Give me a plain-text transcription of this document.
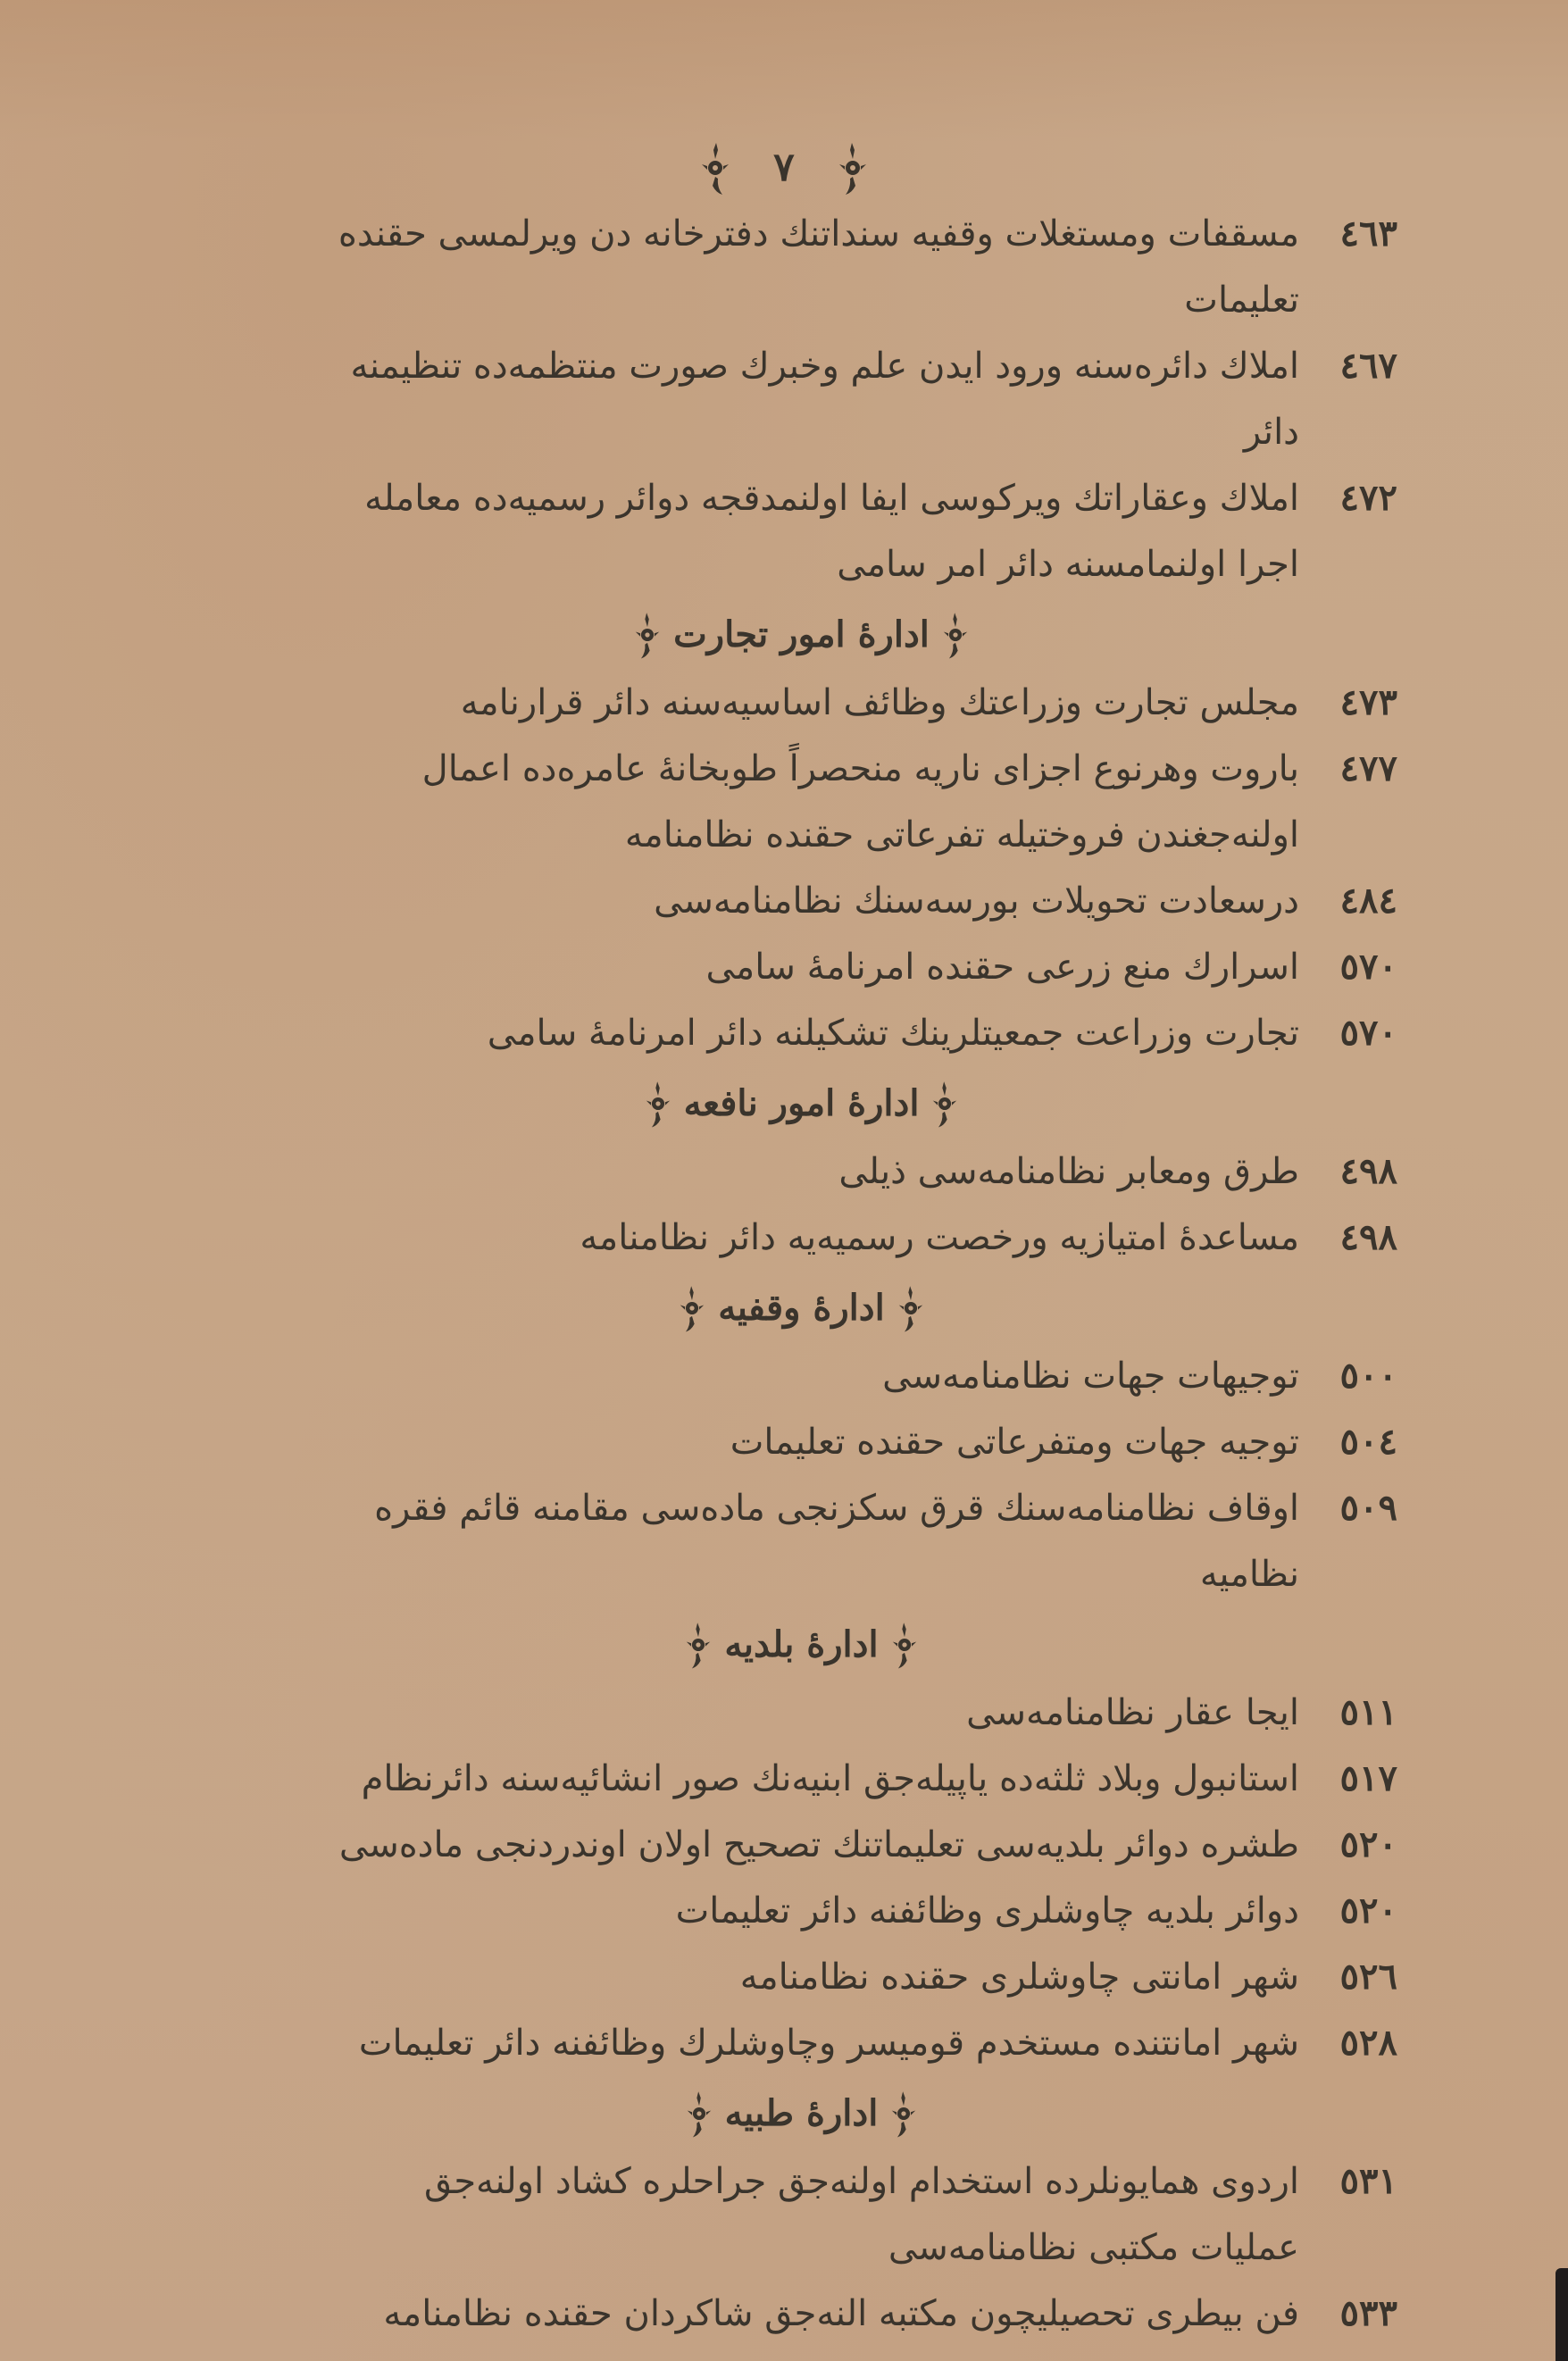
٧
٤٦٣
مسقفات ومستغلات وقفیه سنداتنك دفترخانه دن ویرلمسی حقنده تعلیمات
٤٦٧
املاك دائره‌سنه ورود ایدن علم وخبرك صورت منتظمه‌ده تنظیمنه دائر
٤٧٢
املاك وعقاراتك ویركوسی ایفا اولنمدقجه دوائر رسمیه‌ده معامله
اجرا اولنمامسنه دائر امر سامی
اداره‌ٔ امور تجارت
٤٧٣
مجلس تجارت وزراعتك وظائف اساسیه‌سنه دائر قرارنامه
٤٧٧
باروت وهرنوع اجزای ناریه منحصراً طوبخانهٔ عامره‌ده اعمال
اولنه‌جغندن فروختیله تفرعاتی حقنده نظامنامه
٤٨٤
درسعادت تحویلات بورسه‌سنك نظامنامه‌سی
٥٧٠
اسرارك منع زرعی حقنده امرنامهٔ سامی
٥٧٠
تجارت وزراعت جمعیتلرینك تشكیلنه دائر امرنامهٔ سامی
اداره‌ٔ امور نافعه
٤٩٨
طرق ومعابر نظامنامه‌سی ذیلی
٤٩٨
مساعدهٔ امتیازیه ورخصت رسمیه‌یه دائر نظامنامه
اداره‌ٔ وقفیه
٥٠٠
توجیهات جهات نظامنامه‌سی
٥٠٤
توجیه جهات ومتفرعاتی حقنده تعلیمات
٥٠٩
اوقاف نظامنامه‌سنك قرق سكزنجی ماده‌سی مقامنه قائم فقره نظامیه
اداره‌ٔ بلدیه
٥١١
ایجا عقار نظامنامه‌سی
٥١٧
استانبول وبلاد ثلثه‌ده یاپیله‌جق ابنیه‌نك صور انشائیه‌سنه دائرنظام
٥٢٠
طشره دوائر بلدیه‌سی تعلیماتنك تصحیح اولان اوندردنجی ماده‌سی
٥٢٠
دوائر بلدیه چاوشلری وظائفنه دائر تعلیمات
٥٢٦
شهر امانتی چاوشلری حقنده نظامنامه
٥٢٨
شهر امانتنده مستخدم قومیسر وچاوشلرك وظائفنه دائر تعلیمات
اداره‌ٔ طبیه
٥٣١
اردوی همایونلرده استخدام اولنه‌جق جراحلره كشاد اولنه‌جق
عملیات مكتبی نظامنامه‌سی
٥٣٣
فن بیطری تحصیلیچون مكتبه النه‌جق شاكردان حقنده نظامنامه
